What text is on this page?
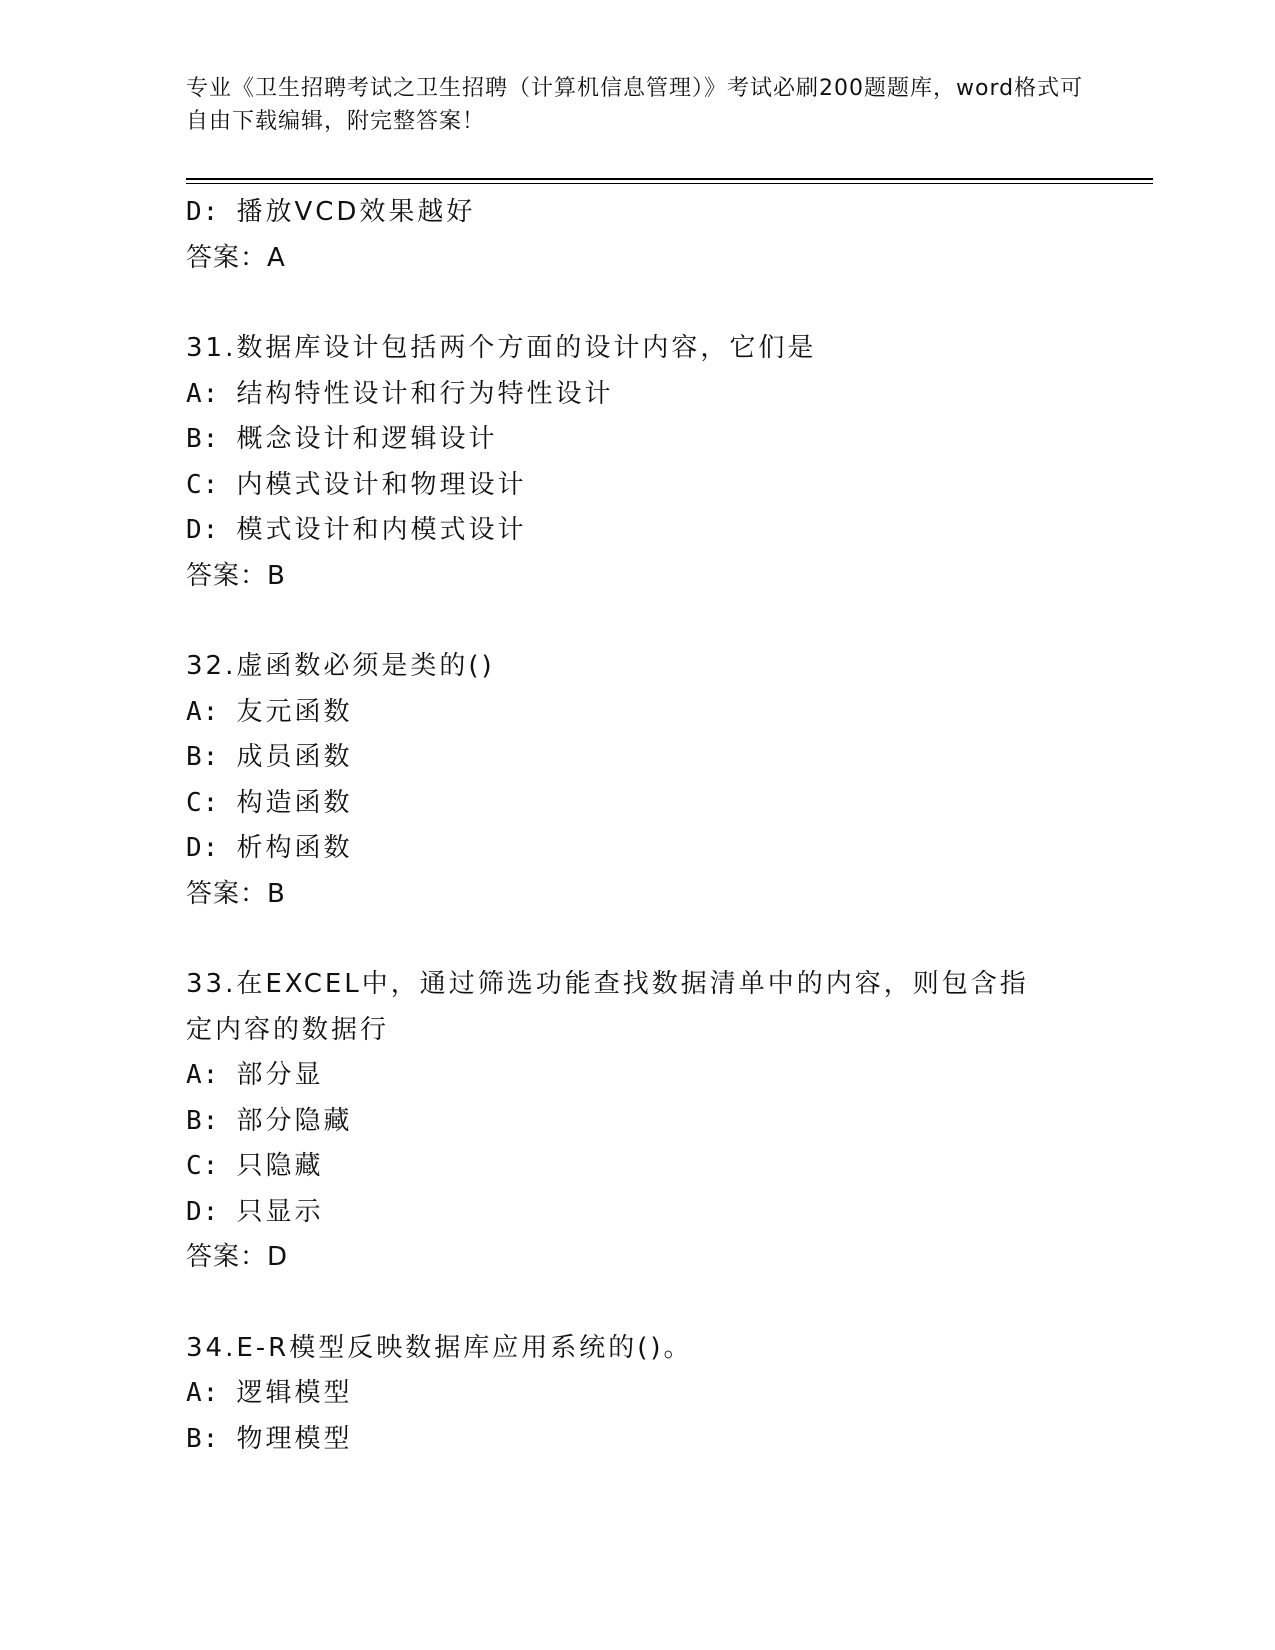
专业《卫生招聘考试之卫生招聘（计算机信息管理）》考试必刷200题题库，word格式可自由下载编辑，附完整答案！
D: 播放VCD效果越好
答案：A
31.数据库设计包括两个方面的设计内容，它们是
A: 结构特性设计和行为特性设计
B: 概念设计和逻辑设计
C: 内模式设计和物理设计
D: 模式设计和内模式设计
答案：B
32.虚函数必须是类的()
A: 友元函数
B: 成员函数
C: 构造函数
D: 析构函数
答案：B
33.在EXCEL中，通过筛选功能查找数据清单中的内容，则包含指定内容的数据行
A: 部分显
B: 部分隐藏
C: 只隐藏
D: 只显示
答案：D
34.E-R模型反映数据库应用系统的()。
A: 逻辑模型
B: 物理模型
